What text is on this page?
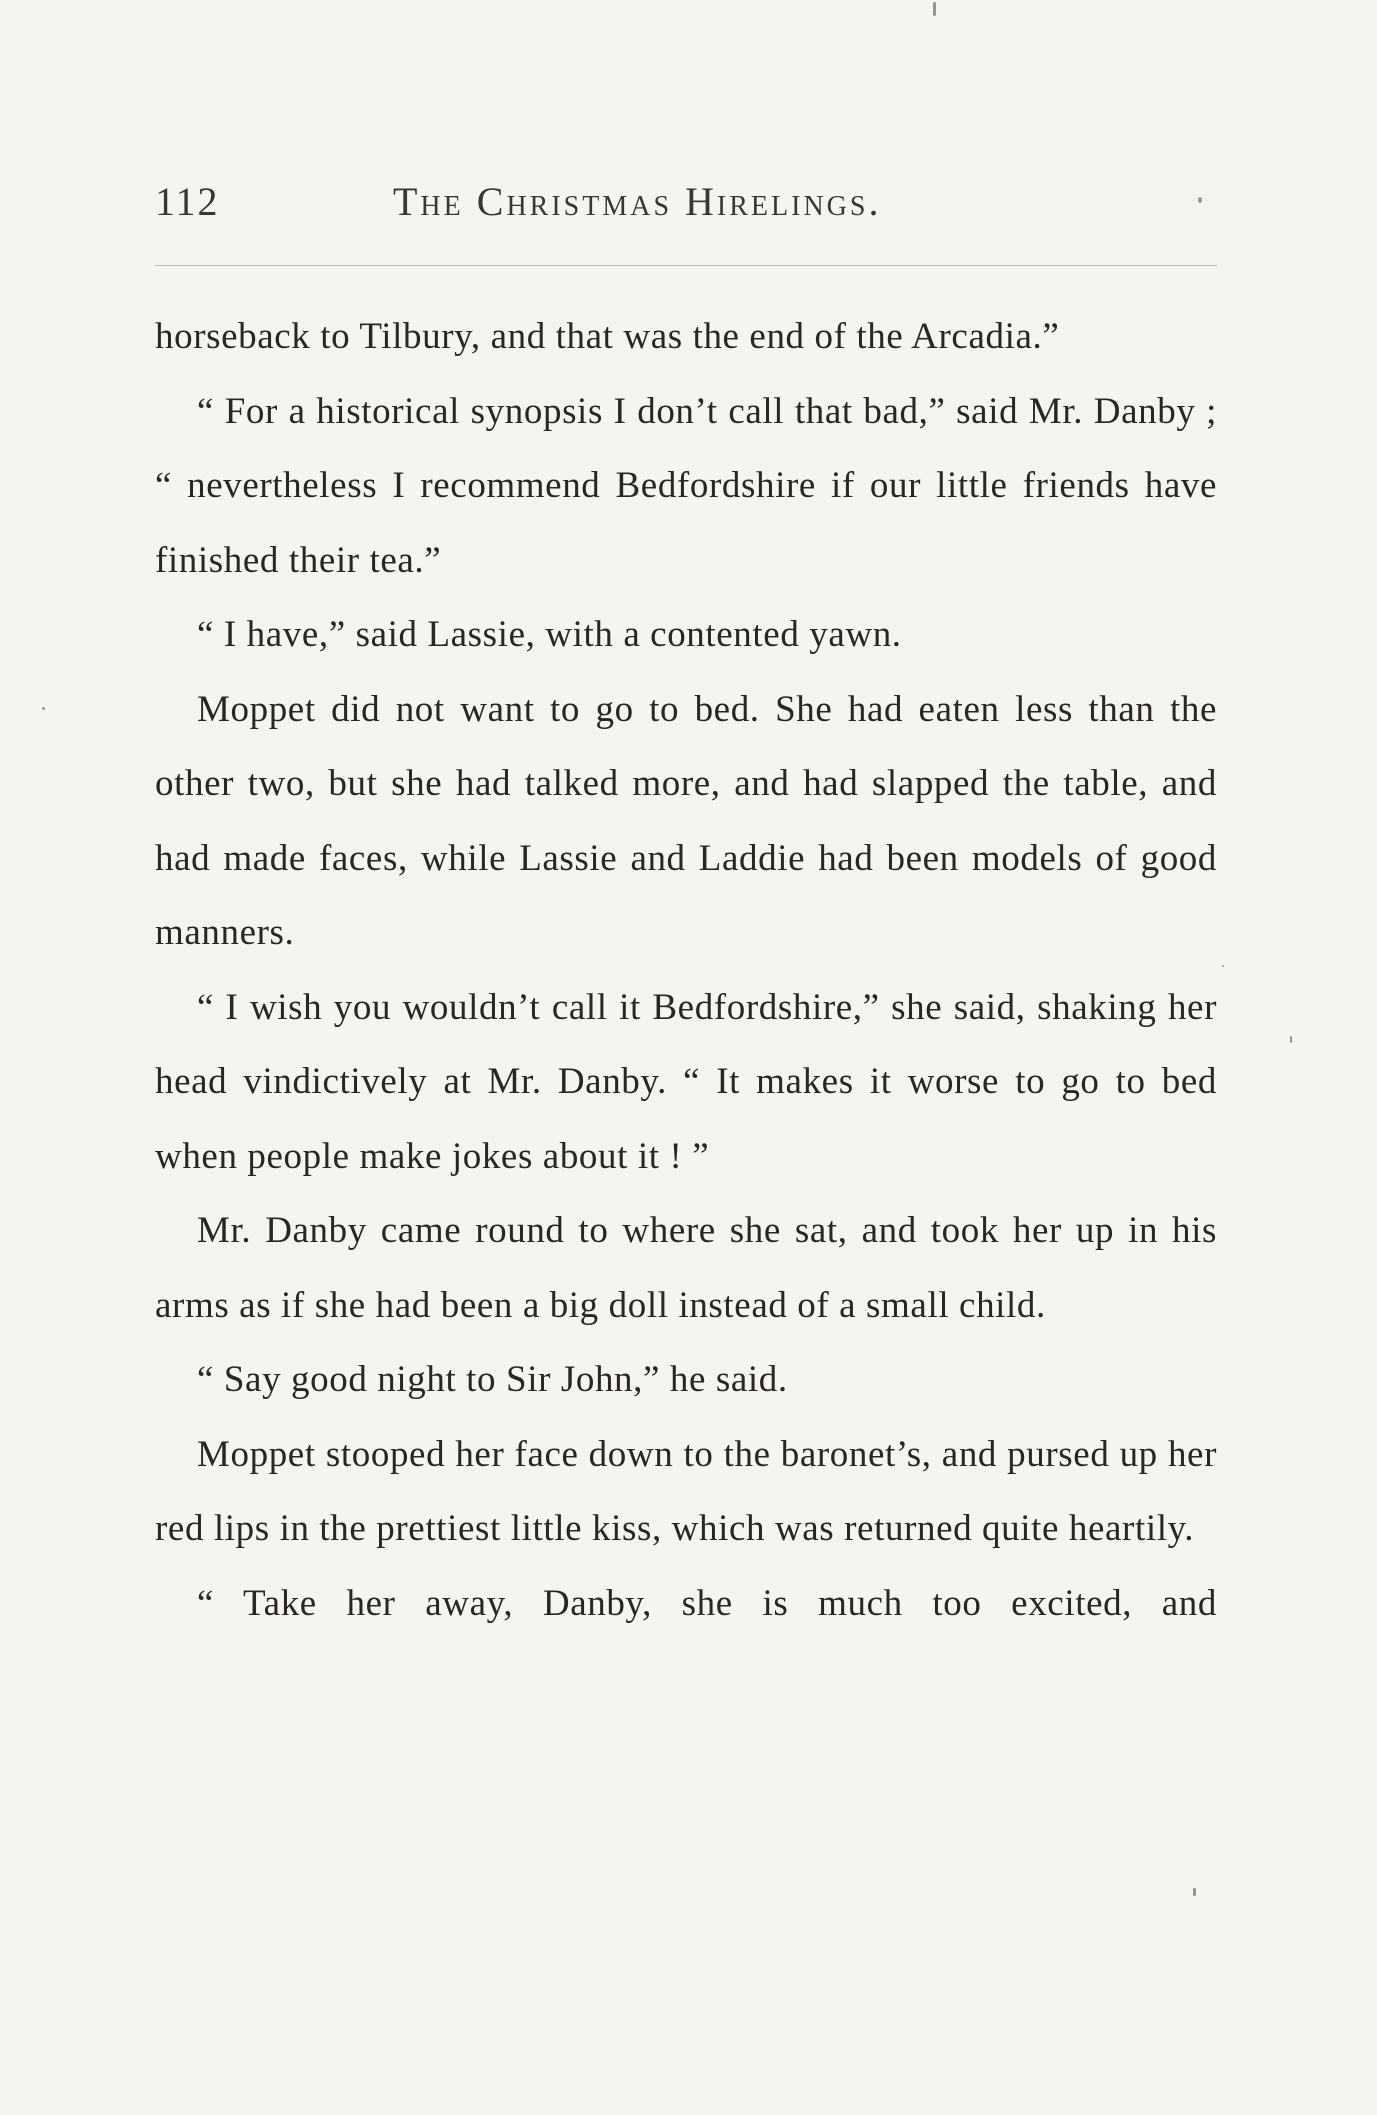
112	The Christmas Hirelings.

horseback to Tilbury, and that was the end of the Arcadia.”

“ For a historical synopsis I don’t call that bad,” said Mr. Danby ; “ nevertheless I recommend Bedfordshire if our little friends have finished their tea.”

“ I have,” said Lassie, with a contented yawn.

Moppet did not want to go to bed. She had eaten less than the other two, but she had talked more, and had slapped the table, and had made faces, while Lassie and Laddie had been models of good manners.

“ I wish you wouldn’t call it Bedfordshire,” she said, shaking her head vindictively at Mr. Danby. “ It makes it worse to go to bed when people make jokes about it ! ”

Mr. Danby came round to where she sat, and took her up in his arms as if she had been a big doll instead of a small child.

“ Say good night to Sir John,” he said.

Moppet stooped her face down to the baronet’s, and pursed up her red lips in the prettiest little kiss, which was returned quite heartily.

“ Take her away, Danby, she is much too excited, and
